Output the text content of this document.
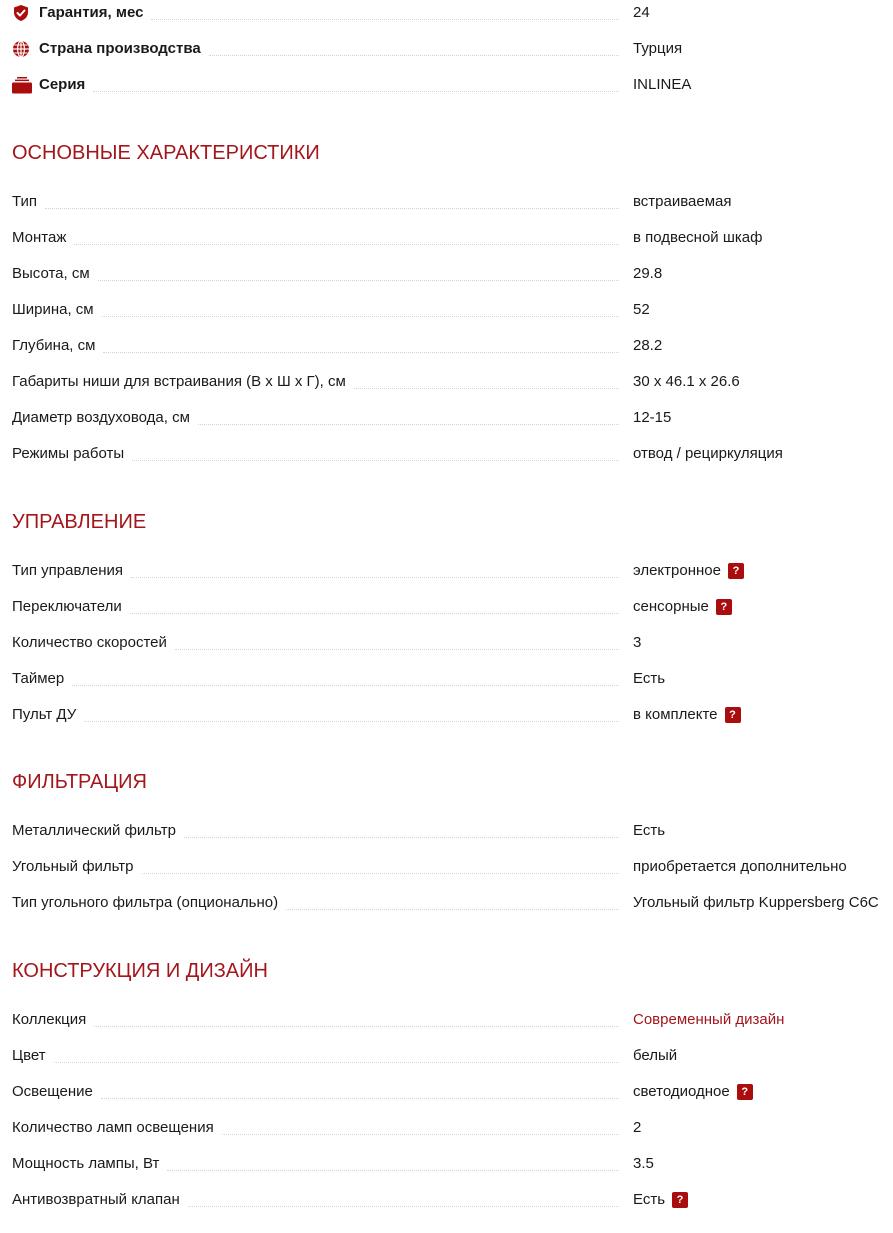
Гарантия, мес	24
Страна производства	Турция
Серия	INLINEA
ОСНОВНЫЕ ХАРАКТЕРИСТИКИ
Тип	встраиваемая
Монтаж	в подвесной шкаф
Высота, см	29.8
Ширина, см	52
Глубина, см	28.2
Габариты ниши для встраивания (В x Ш x Г), см	30 x 46.1 x 26.6
Диаметр воздуховода, см	12-15
Режимы работы	отвод / рециркуляция
УПРАВЛЕНИЕ
Тип управления	электронное ?
Переключатели	сенсорные ?
Количество скоростей	3
Таймер	Есть
Пульт ДУ	в комплекте ?
ФИЛЬТРАЦИЯ
Металлический фильтр	Есть
Угольный фильтр	приобретается дополнительно
Тип угольного фильтра (опционально)	Угольный фильтр Kuppersberg C6C
КОНСТРУКЦИЯ И ДИЗАЙН
Коллекция	Современный дизайн
Цвет	белый
Освещение	светодиодное ?
Количество ламп освещения	2
Мощность лампы, Вт	3.5
Антивозвратный клапан	Есть ?
